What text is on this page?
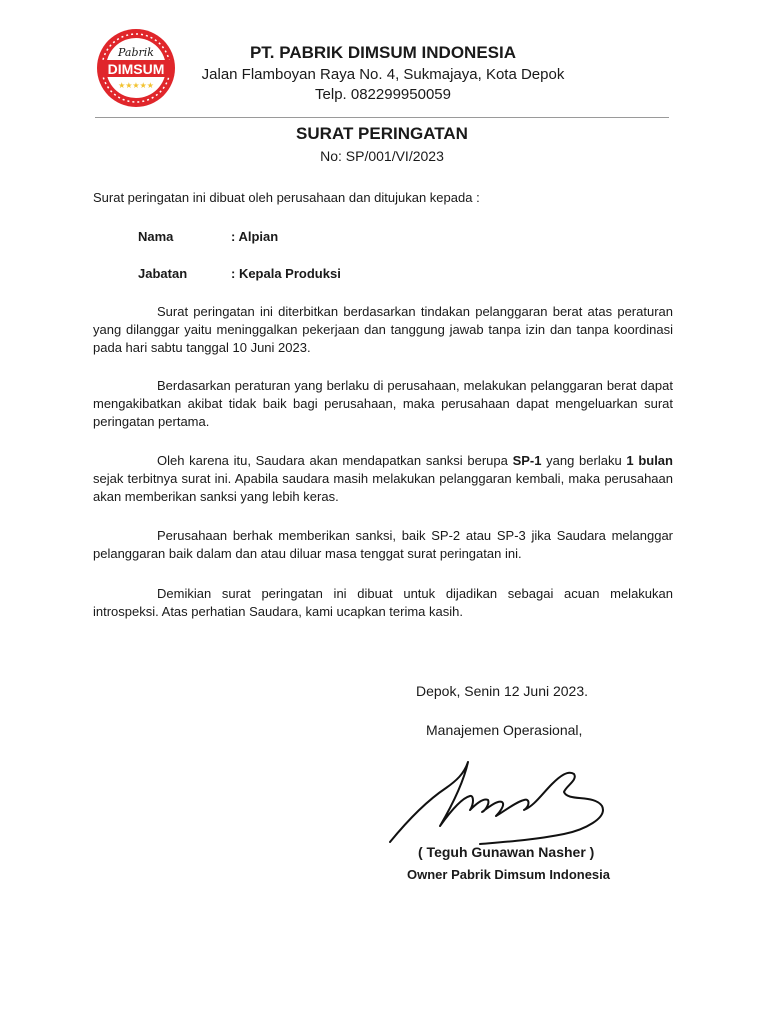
Pabrik
DIMSUM
★★★★★
PT. PABRIK DIMSUM INDONESIA
Jalan Flamboyan Raya No. 4, Sukmajaya, Kota Depok
Telp. 082299950059
SURAT PERINGATAN
No: SP/001/VI/2023
Surat peringatan ini dibuat oleh perusahaan dan ditujukan kepada :
Nama	: Alpian
Jabatan	: Kepala Produksi

Surat peringatan ini diterbitkan berdasarkan tindakan pelanggaran berat atas peraturan yang dilanggar yaitu meninggalkan pekerjaan dan tanggung jawab tanpa izin dan tanpa koordinasi pada hari sabtu tanggal 10 Juni 2023.

Berdasarkan peraturan yang berlaku di perusahaan, melakukan pelanggaran berat dapat mengakibatkan akibat tidak baik bagi perusahaan, maka perusahaan dapat mengeluarkan surat peringatan pertama.

Oleh karena itu, Saudara akan mendapatkan sanksi berupa SP-1 yang berlaku 1 bulan sejak terbitnya surat ini. Apabila saudara masih melakukan pelanggaran kembali, maka perusahaan akan memberikan sanksi yang lebih keras.

Perusahaan berhak memberikan sanksi, baik SP-2 atau SP-3 jika Saudara melanggar pelanggaran baik dalam dan atau diluar masa tenggat surat peringatan ini.

Demikian surat peringatan ini dibuat untuk dijadikan sebagai acuan melakukan introspeksi. Atas perhatian Saudara, kami ucapkan terima kasih.

Depok, Senin 12 Juni 2023.
Manajemen Operasional,
( Teguh Gunawan Nasher )
Owner Pabrik Dimsum Indonesia
